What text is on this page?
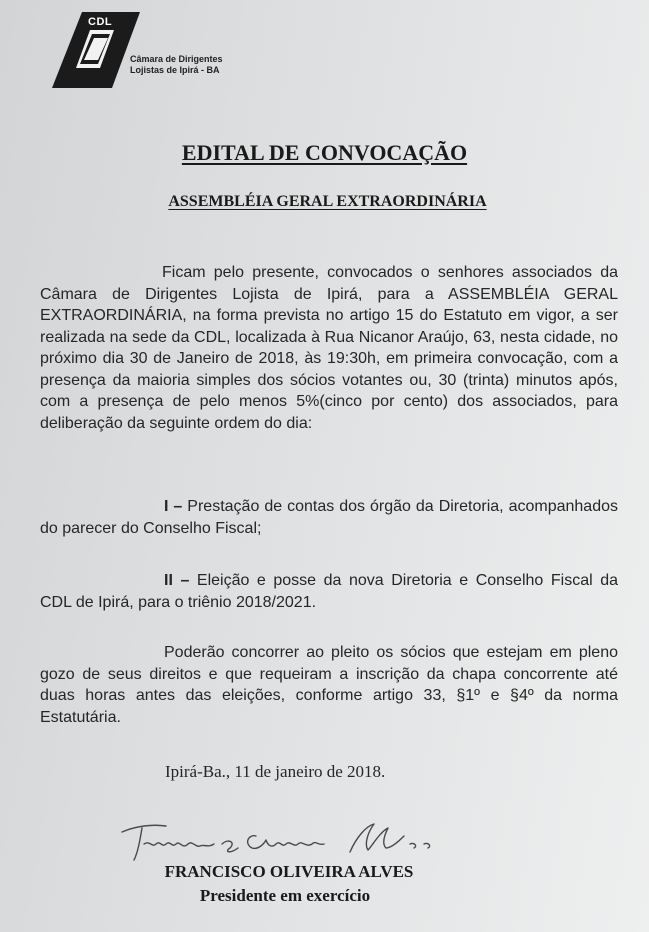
CDL
Câmara de Dirigentes
Lojistas de Ipirá - BA
EDITAL DE CONVOCAÇÃO
ASSEMBLÉIA GERAL EXTRAORDINÁRIA

Ficam pelo presente, convocados o senhores associados da Câmara de Dirigentes Lojista de Ipirá, para a ASSEMBLÉIA GERAL EXTRAORDINÁRIA, na forma prevista no artigo 15 do Estatuto em vigor, a ser realizada na sede da CDL, localizada à Rua Nicanor Araújo, 63, nesta cidade, no próximo dia 30 de Janeiro de 2018, às 19:30h, em primeira convocação, com a presença da maioria simples dos sócios votantes ou, 30 (trinta) minutos após, com a presença de pelo menos 5%(cinco por cento) dos associados, para deliberação da seguinte ordem do dia:

I – Prestação de contas dos órgão da Diretoria, acompanhados do parecer do Conselho Fiscal;

II – Eleição e posse da nova Diretoria e Conselho Fiscal da CDL de Ipirá, para o triênio 2018/2021.

Poderão concorrer ao pleito os sócios que estejam em pleno gozo de seus direitos e que requeiram a inscrição da chapa concorrente até duas horas antes das eleições, conforme artigo 33, §1º e §4º da norma Estatutária.

Ipirá-Ba., 11 de janeiro de 2018.

FRANCISCO OLIVEIRA ALVES

Presidente em exercício
